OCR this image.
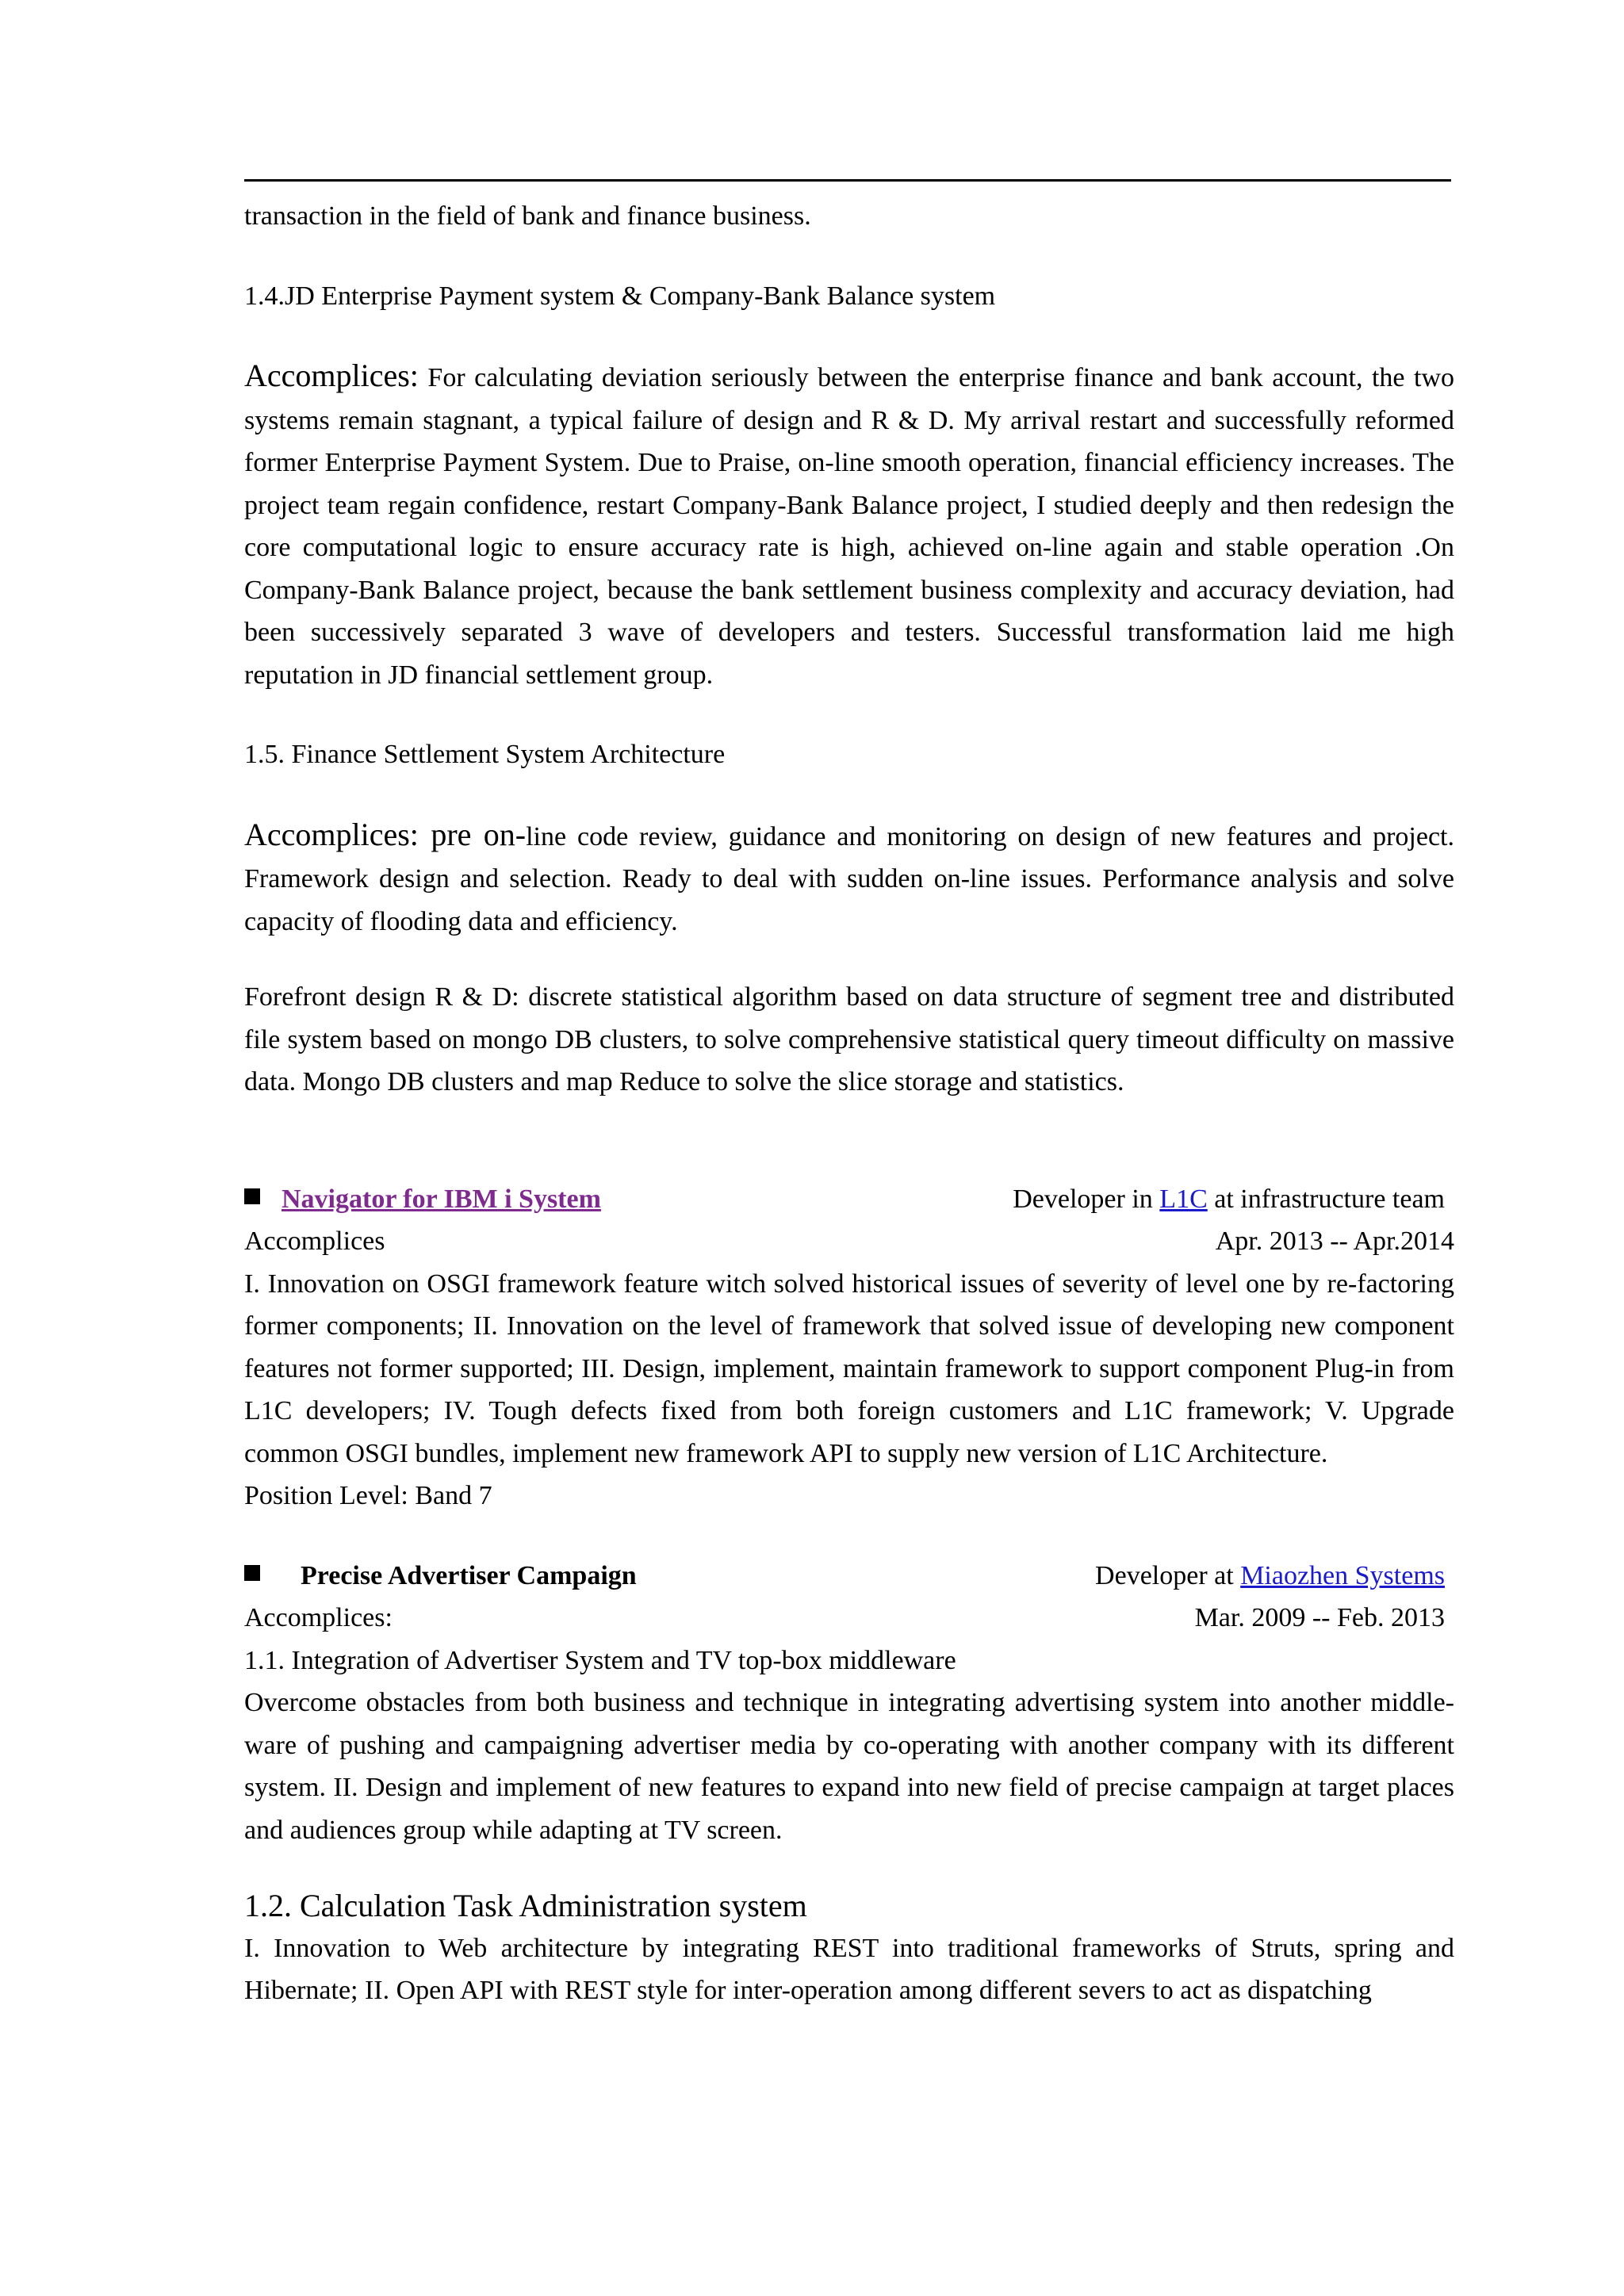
transaction in the field of bank and finance business.

1.4.JD Enterprise Payment system & Company-Bank Balance system

Accomplices: For calculating deviation seriously between the enterprise finance and bank account, the two systems remain stagnant, a typical failure of design and R & D. My arrival restart and successfully reformed former Enterprise Payment System. Due to Praise, on-line smooth operation, financial efficiency increases. The project team regain confidence, restart Company-Bank Balance project, I studied deeply and then redesign the core computational logic to ensure accuracy rate is high, achieved on-line again and stable operation .On Company-Bank Balance project, because the bank settlement business complexity and accuracy deviation, had been successively separated 3 wave of developers and testers. Successful transformation laid me high reputation in JD financial settlement group.

1.5. Finance Settlement System Architecture

Accomplices: pre on-line code review, guidance and monitoring on design of new features and project. Framework design and selection. Ready to deal with sudden on-line issues. Performance analysis and solve capacity of flooding data and efficiency.

Forefront design R & D: discrete statistical algorithm based on data structure of segment tree and distributed file system based on mongo DB clusters, to solve comprehensive statistical query timeout difficulty on massive data. Mongo DB clusters and map Reduce to solve the slice storage and statistics.

Navigator for IBM i System	Developer in L1C at infrastructure team
Accomplices	Apr. 2013 -- Apr.2014

I. Innovation on OSGI framework feature witch solved historical issues of severity of level one by re-factoring former components; II. Innovation on the level of framework that solved issue of developing new component features not former supported; III. Design, implement, maintain framework to support component Plug-in from L1C developers; IV. Tough defects fixed from both foreign customers and L1C framework; V. Upgrade common OSGI bundles, implement new framework API to supply new version of L1C Architecture.

Position Level: Band 7

Precise Advertiser Campaign	Developer at Miaozhen Systems
Accomplices:	Mar. 2009 -- Feb. 2013

1.1. Integration of Advertiser System and TV top-box middleware

Overcome obstacles from both business and technique in integrating advertising system into another middle-ware of pushing and campaigning advertiser media by co-operating with another company with its different system. II. Design and implement of new features to expand into new field of precise campaign at target places and audiences group while adapting at TV screen.

1.2. Calculation Task Administration system

I. Innovation to Web architecture by integrating REST into traditional frameworks of Struts, spring and Hibernate; II. Open API with REST style for inter-operation among different severs to act as dispatching
